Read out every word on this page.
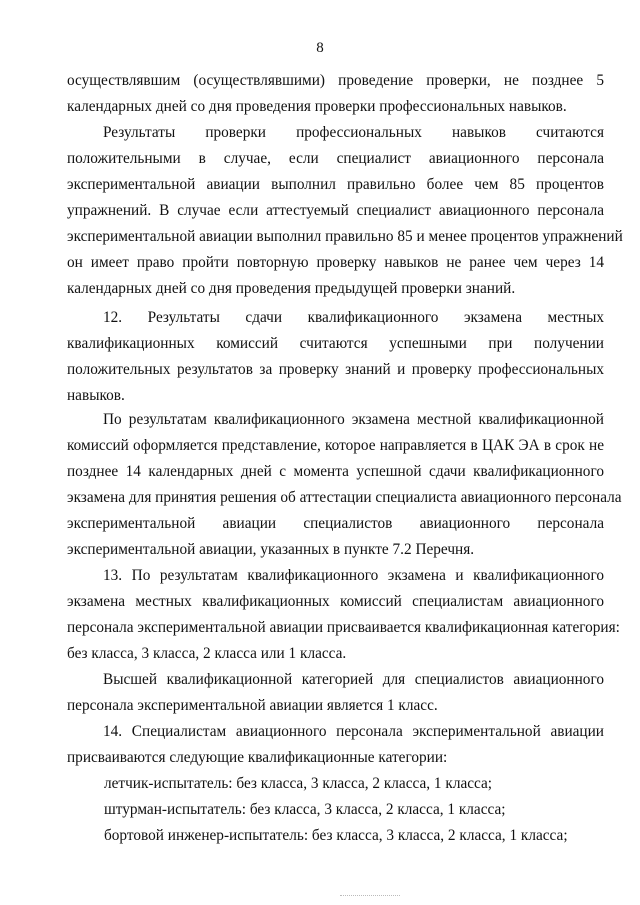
8
осуществлявшим (осуществлявшими) проведение проверки, не позднее 5
календарных дней со дня проведения проверки профессиональных навыков.
Результаты проверки профессиональных навыков считаются
положительными в случае, если специалист авиационного персонала
экспериментальной авиации выполнил правильно более чем 85 процентов
упражнений. В случае если аттестуемый специалист авиационного персонала
экспериментальной авиации выполнил правильно 85 и менее процентов упражнений
он имеет право пройти повторную проверку навыков не ранее чем через 14
календарных дней со дня проведения предыдущей проверки знаний.
12. Результаты сдачи квалификационного экзамена местных
квалификационных комиссий считаются успешными при получении
положительных результатов за проверку знаний и проверку профессиональных
навыков.
По результатам квалификационного экзамена местной квалификационной
комиссий оформляется представление, которое направляется в ЦАК ЭА в срок не
позднее 14 календарных дней с момента успешной сдачи квалификационного
экзамена для принятия решения об аттестации специалиста авиационного персонала
экспериментальной авиации специалистов авиационного персонала
экспериментальной авиации, указанных в пункте 7.2 Перечня.
13. По результатам квалификационного экзамена и квалификационного
экзамена местных квалификационных комиссий специалистам авиационного
персонала экспериментальной авиации присваивается квалификационная категория:
без класса, 3 класса, 2 класса или 1 класса.
Высшей квалификационной категорией для специалистов авиационного
персонала экспериментальной авиации является 1 класс.
14. Специалистам авиационного персонала экспериментальной авиации
присваиваются следующие квалификационные категории:
летчик-испытатель: без класса, 3 класса, 2 класса, 1 класса;
штурман-испытатель: без класса, 3 класса, 2 класса, 1 класса;
бортовой инженер-испытатель: без класса, 3 класса, 2 класса, 1 класса;
